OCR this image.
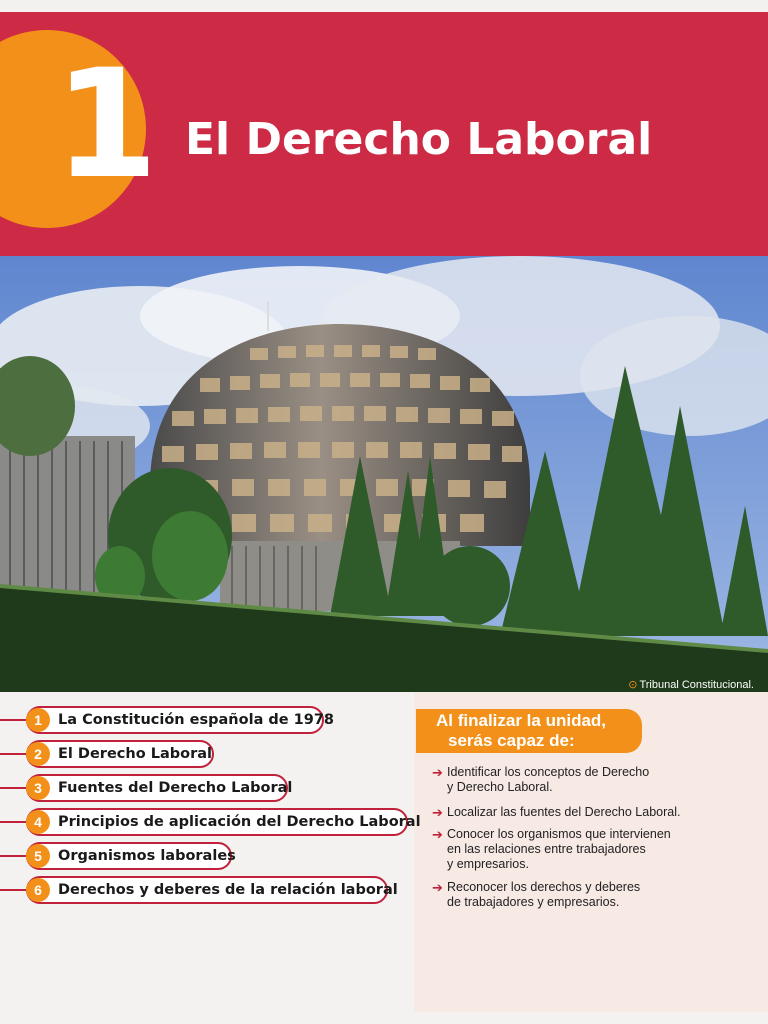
1 El Derecho Laboral
⊙ Tribunal Constitucional.
1	La Constitución española de 1978
2	El Derecho Laboral
3	Fuentes del Derecho Laboral
4	Principios de aplicación del Derecho Laboral
5	Organismos laborales
6	Derechos y deberes de la relación laboral
Al finalizar la unidad,
serás capaz de:
➔ Identificar los conceptos de Derecho
y Derecho Laboral.
➔ Localizar las fuentes del Derecho Laboral.
➔ Conocer los organismos que intervienen
en las relaciones entre trabajadores
y empresarios.
➔ Reconocer los derechos y deberes
de trabajadores y empresarios.
